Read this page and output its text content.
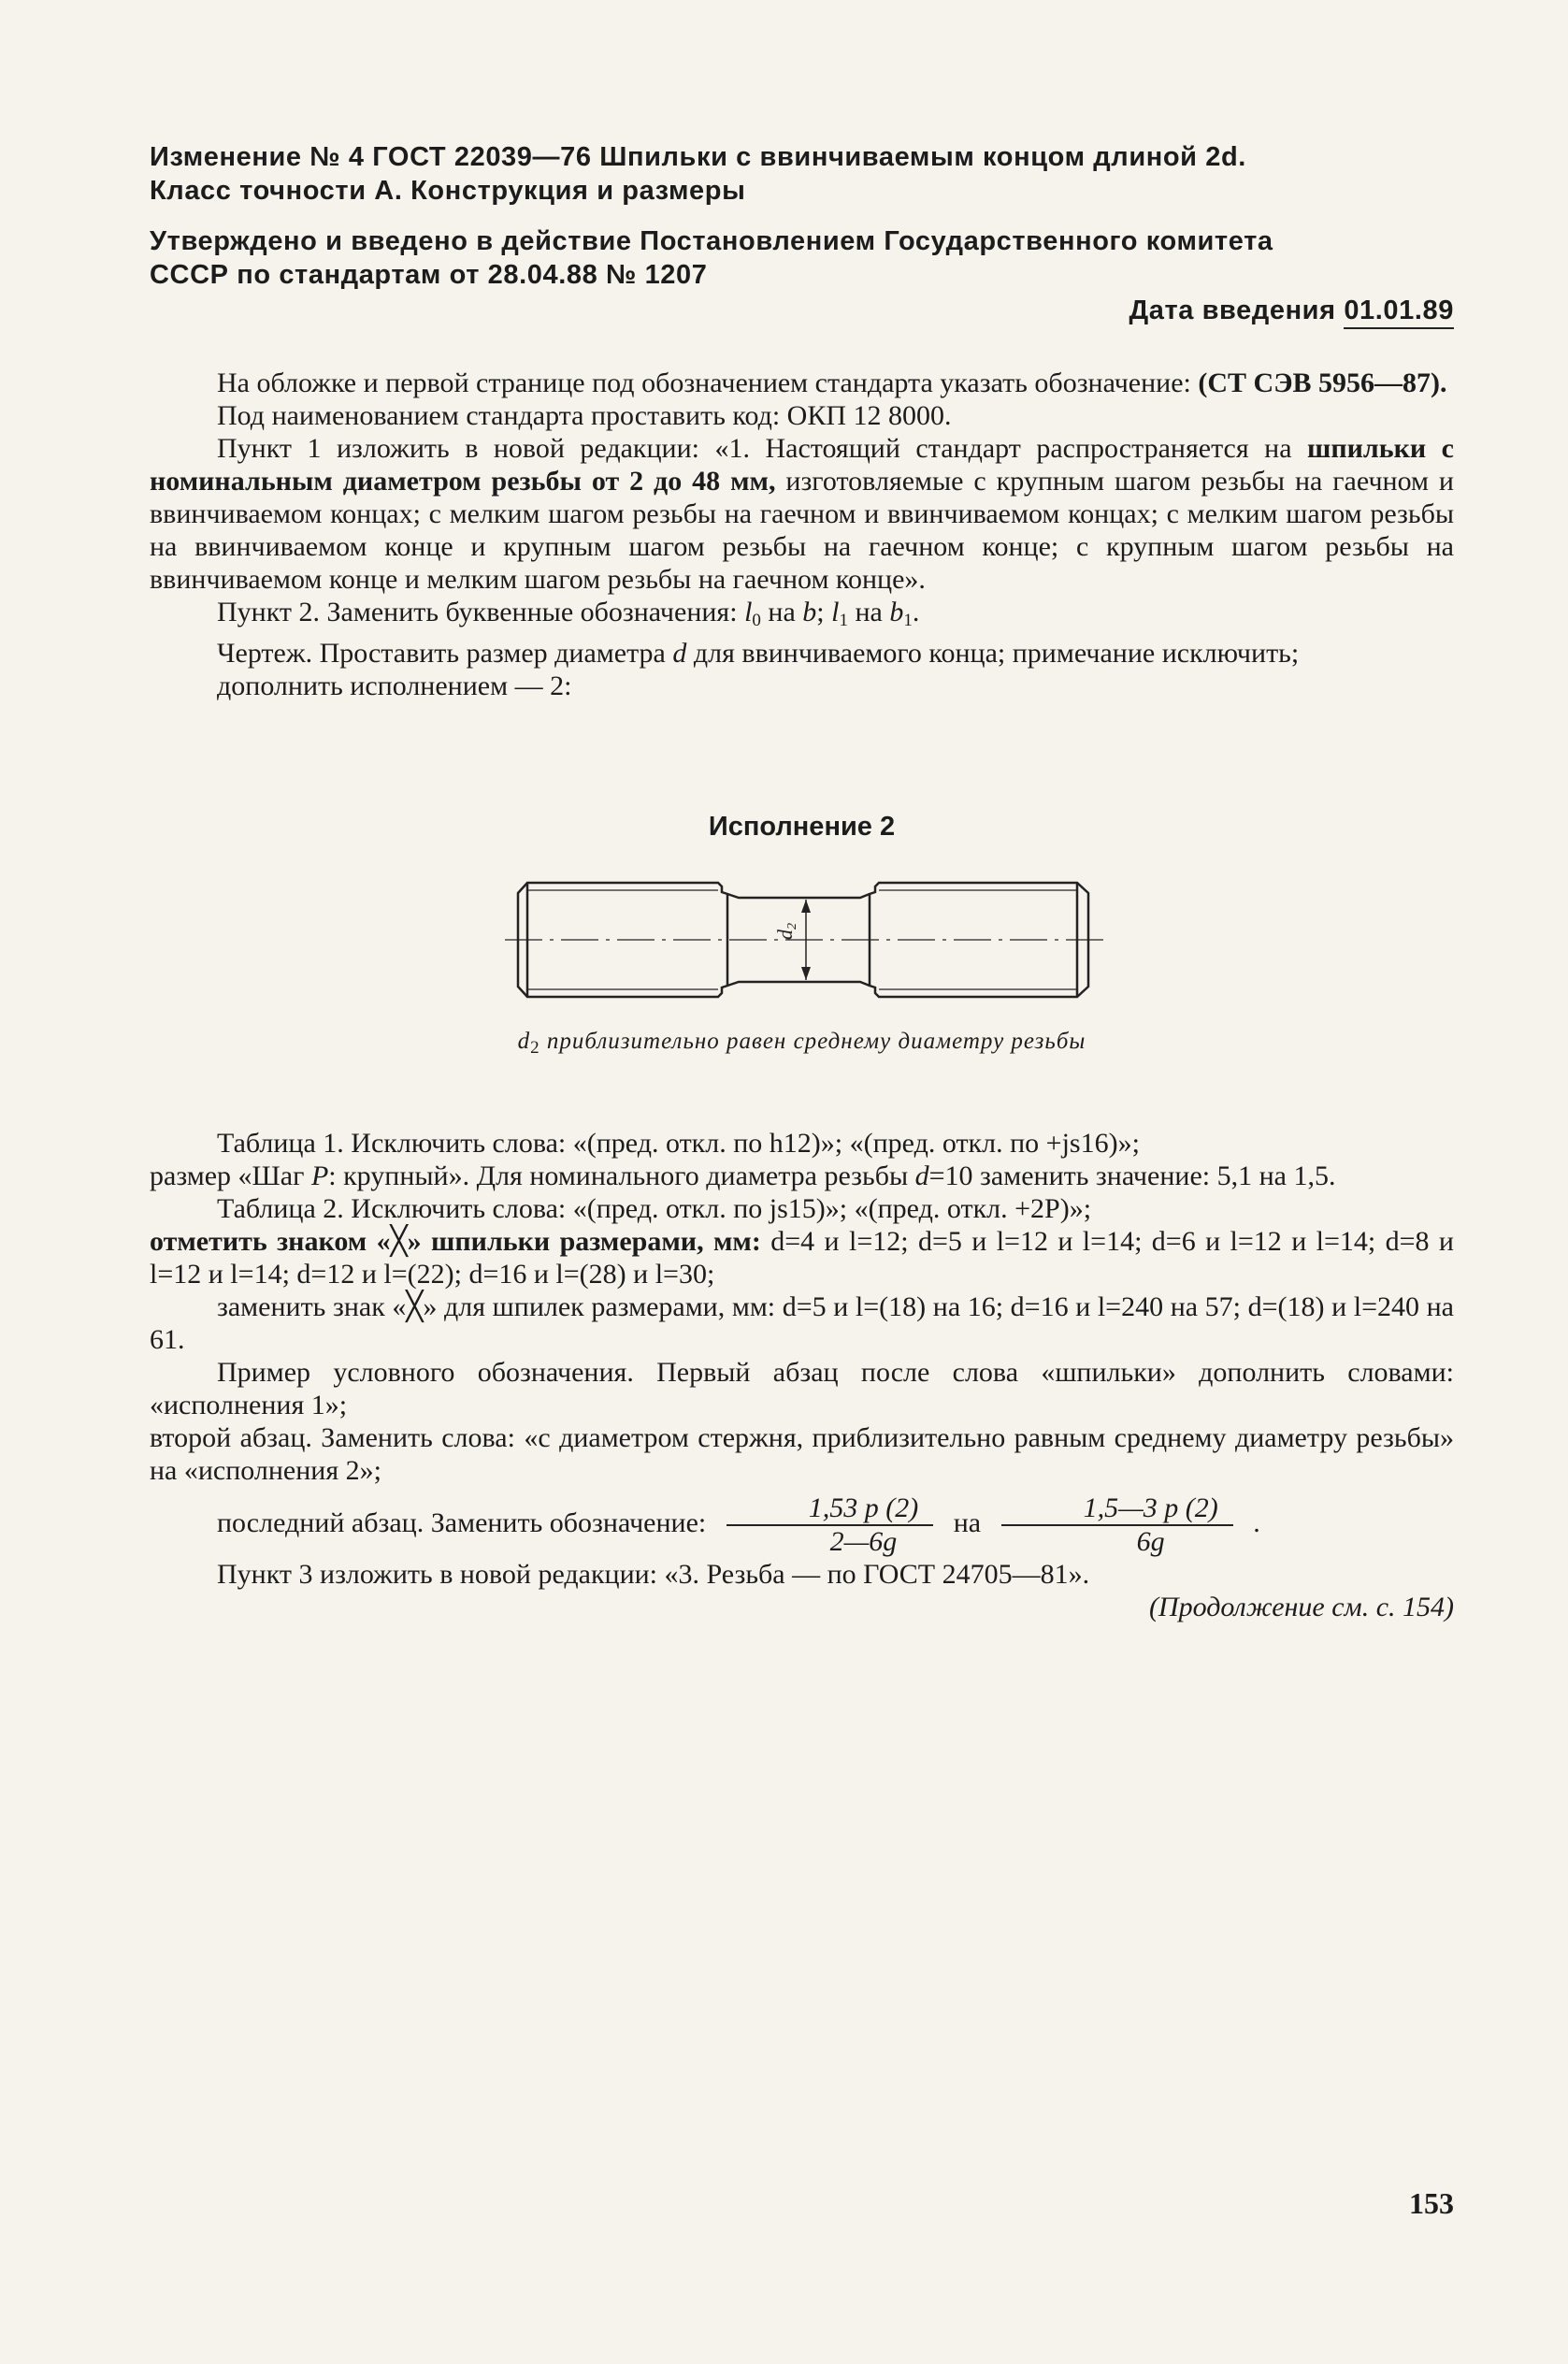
Изменение № 4 ГОСТ 22039—76 Шпильки с ввинчиваемым концом длиной 2d.
Класс точности А. Конструкция и размеры
Утверждено и введено в действие Постановлением Государственного комитета
СССР по стандартам от 28.04.88 № 1207
Дата введения 01.01.89
На обложке и первой странице под обозначением стандарта указать обозначение: (СТ СЭВ 5956—87).
Под наименованием стандарта проставить код: ОКП 12 8000.
Пункт 1 изложить в новой редакции: «1. Настоящий стандарт распространяется на шпильки с номинальным диаметром резьбы от 2 до 48 мм, изготовляемые с крупным шагом резьбы на гаечном и ввинчиваемом концах; с мелким шагом резьбы на гаечном и ввинчиваемом концах; с мелким шагом резьбы на ввинчиваемом конце и крупным шагом резьбы на гаечном конце; с крупным шагом резьбы на ввинчиваемом конце и мелким шагом резьбы на гаечном конце».
Пункт 2. Заменить буквенные обозначения: $l_0$ на b; $l_1$ на $b_1$.
Чертеж. Проставить размер диаметра d для ввинчиваемого конца; примечание исключить;
дополнить исполнением — 2:
Исполнение 2
d2
$d_2$ приблизительно равен среднему диаметру резьбы
Таблица 1. Исключить слова: «(пред. откл. по h12)»; «(пред. откл. по +js16)»;
размер «Шаг P: крупный». Для номинального диаметра резьбы d=10 заменить значение: 5,1 на 1,5.
Таблица 2. Исключить слова: «(пред. откл. по js15)»; «(пред. откл. +2P)»;
отметить знаком «╳» шпильки размерами, мм: d=4 и l=12; d=5 и l=12 и l=14; d=6 и l=12 и l=14; d=8 и l=12 и l=14; d=12 и l=(22); d=16 и l=(28) и l=30;
заменить знак «╳» для шпилек размерами, мм: d=5 и l=(18) на 16; d=16 и l=240 на 57; d=(18) и l=240 на 61.
Пример условного обозначения. Первый абзац после слова «шпильки» дополнить словами: «исполнения 1»;
второй абзац. Заменить слова: «с диаметром стержня, приблизительно равным среднему диаметру резьбы» на «исполнения 2»;
последний абзац. Заменить обозначение: $\frac{1,53 p (2)}{2—6g}$ на $\frac{1,5—3 p (2)}{6g}$ .
Пункт 3 изложить в новой редакции: «3. Резьба — по ГОСТ 24705—81».
(Продолжение см. с. 154)
153
